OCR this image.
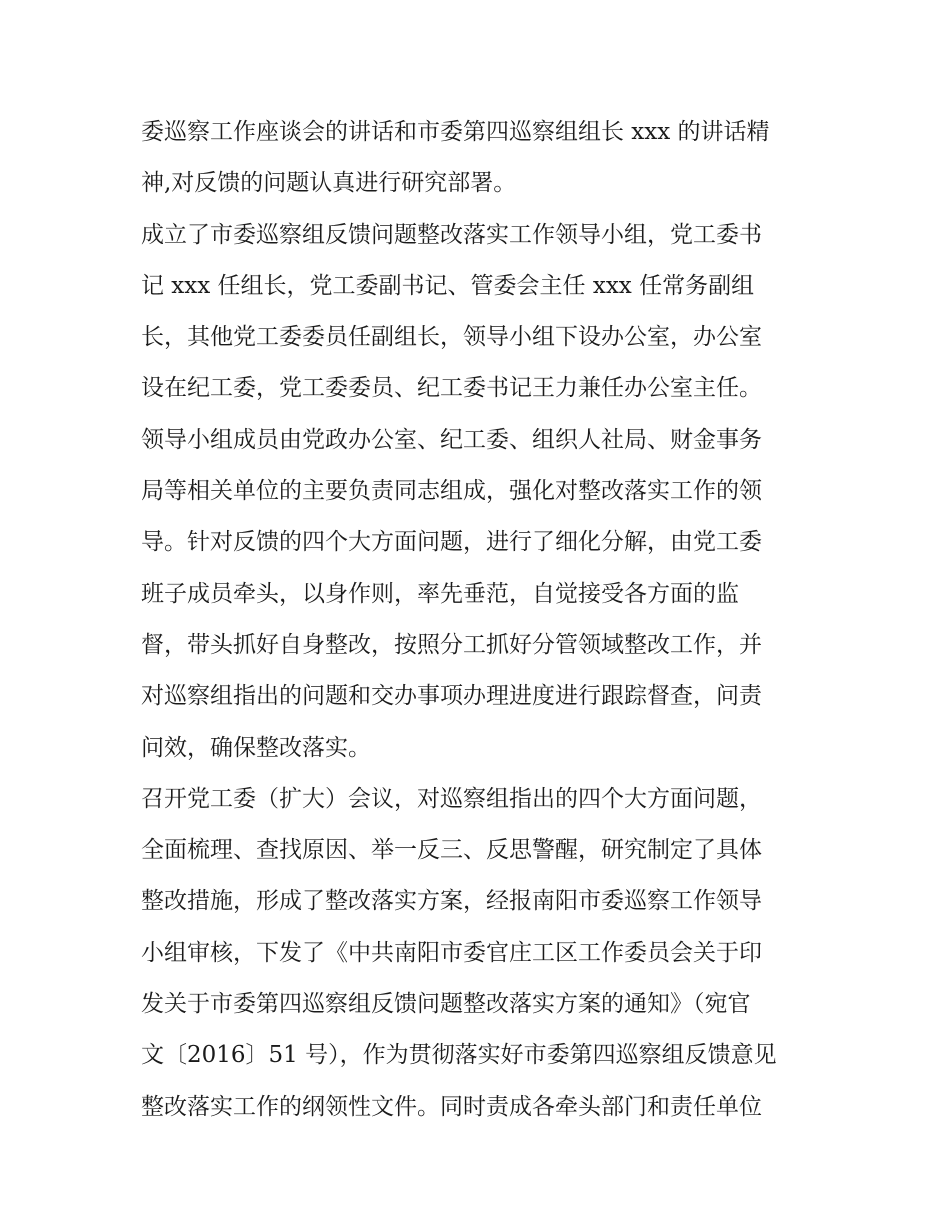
委巡察工作座谈会的讲话和市委第四巡察组组长 xxx 的讲话精
神,对反馈的问题认真进行研究部署。
成立了市委巡察组反馈问题整改落实工作领导小组，党工委书
记 xxx 任组长，党工委副书记、管委会主任 xxx 任常务副组
长，其他党工委委员任副组长，领导小组下设办公室，办公室
设在纪工委，党工委委员、纪工委书记王力兼任办公室主任。
领导小组成员由党政办公室、纪工委、组织人社局、财金事务
局等相关单位的主要负责同志组成，强化对整改落实工作的领
导。针对反馈的四个大方面问题，进行了细化分解，由党工委
班子成员牵头，以身作则，率先垂范，自觉接受各方面的监
督，带头抓好自身整改，按照分工抓好分管领域整改工作，并
对巡察组指出的问题和交办事项办理进度进行跟踪督查，问责
问效，确保整改落实。
召开党工委（扩大）会议，对巡察组指出的四个大方面问题，
全面梳理、查找原因、举一反三、反思警醒，研究制定了具体
整改措施，形成了整改落实方案，经报南阳市委巡察工作领导
小组审核，下发了《中共南阳市委官庄工区工作委员会关于印
发关于市委第四巡察组反馈问题整改落实方案的通知》（宛官
文〔2016〕51 号），作为贯彻落实好市委第四巡察组反馈意见
整改落实工作的纲领性文件。同时责成各牵头部门和责任单位
